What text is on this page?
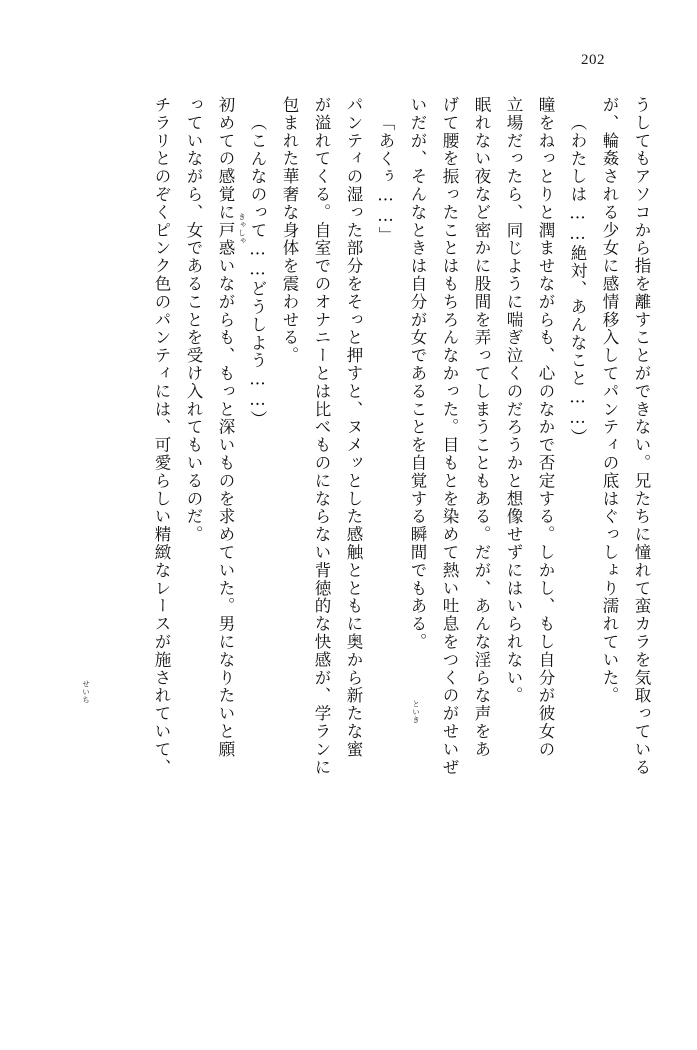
202
うしてもアソコから指を離すことができない。兄たちに憧れて蛮カラを気取っている
が、輪姦される少女に感情移入してパンティの底はぐっしょり濡れていた。
（わたしは……絶対、あんなこと……）
瞳をねっとりと潤ませながらも、心のなかで否定する。しかし、もし自分が彼女の
立場だったら、同じように喘ぎ泣くのだろうかと想像せずにはいられない。
眠れない夜など密かに股間を弄ってしまうこともある。だが、あんな淫らな声をあ
げて腰を振ったことはもちろんなかった。目もとを染めて熱い吐息をつくのがせいぜ
いだが、そんなときは自分が女であることを自覚する瞬間でもある。
「あくぅ……」
パンティの湿った部分をそっと押すと、ヌメッとした感触とともに奥から新たな蜜
が溢れてくる。自室でのオナニーとは比べものにならない背徳的な快感が、学ランに
包まれた華奢な身体を震わせる。
（こんなのって……どうしよう……）
初めての感覚に戸惑いながらも、もっと深いものを求めていた。男になりたいと願
っていながら、女であることを受け入れてもいるのだ。
チラリとのぞくピンク色のパンティには、可愛らしい精緻なレースが施されていて、	きゃしゃ
といき
せいち
